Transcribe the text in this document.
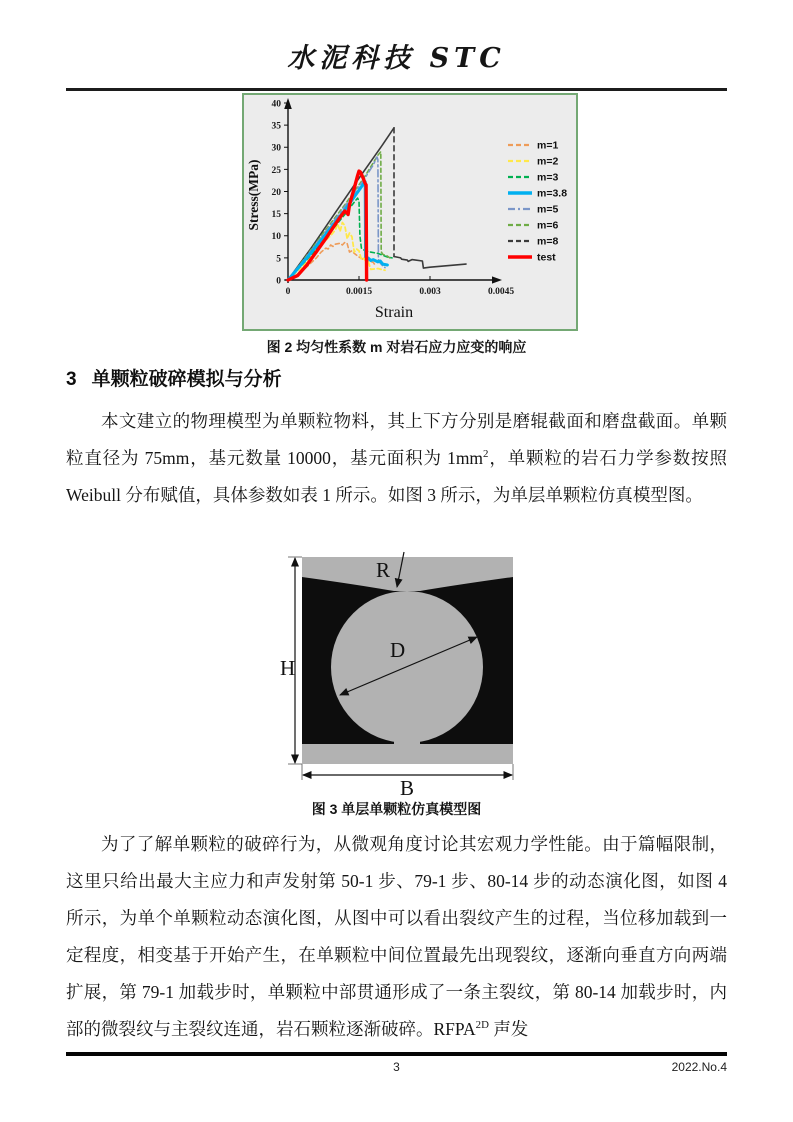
水泥科技 STC
0
5
10
15
20
25
30
35
40
0	0.0015	0.003	0.0045
Stress(MPa)
Strain
m=1
m=2
m=3
m=3.8
m=5
m=6
m=8
test
图 2 均匀性系数 m 对岩石应力应变的响应
3 单颗粒破碎模拟与分析
本文建立的物理模型为单颗粒物料，其上下方分别是磨辊截面和磨盘截面。单颗粒直径为 75mm，基元数量 10000，基元面积为 $1mm^2$，单颗粒的岩石力学参数按照 Weibull 分布赋值，具体参数如表 1 所示。如图 3 所示，为单层单颗粒仿真模型图。
R
D
H
B
图 3 单层单颗粒仿真模型图
为了了解单颗粒的破碎行为，从微观角度讨论其宏观力学性能。由于篇幅限制，这里只给出最大主应力和声发射第 50-1 步、79-1 步、80-14 步的动态演化图，如图 4 所示，为单个单颗粒动态演化图，从图中可以看出裂纹产生的过程，当位移加载到一定程度，相变基于开始产生，在单颗粒中间位置最先出现裂纹，逐渐向垂直方向两端扩展，第 79-1 加载步时，单颗粒中部贯通形成了一条主裂纹，第 80-14 加载步时，内部的微裂纹与主裂纹连通，岩石颗粒逐渐破碎。$RFPA^{2D}$ 声发
3	2022.No.4
